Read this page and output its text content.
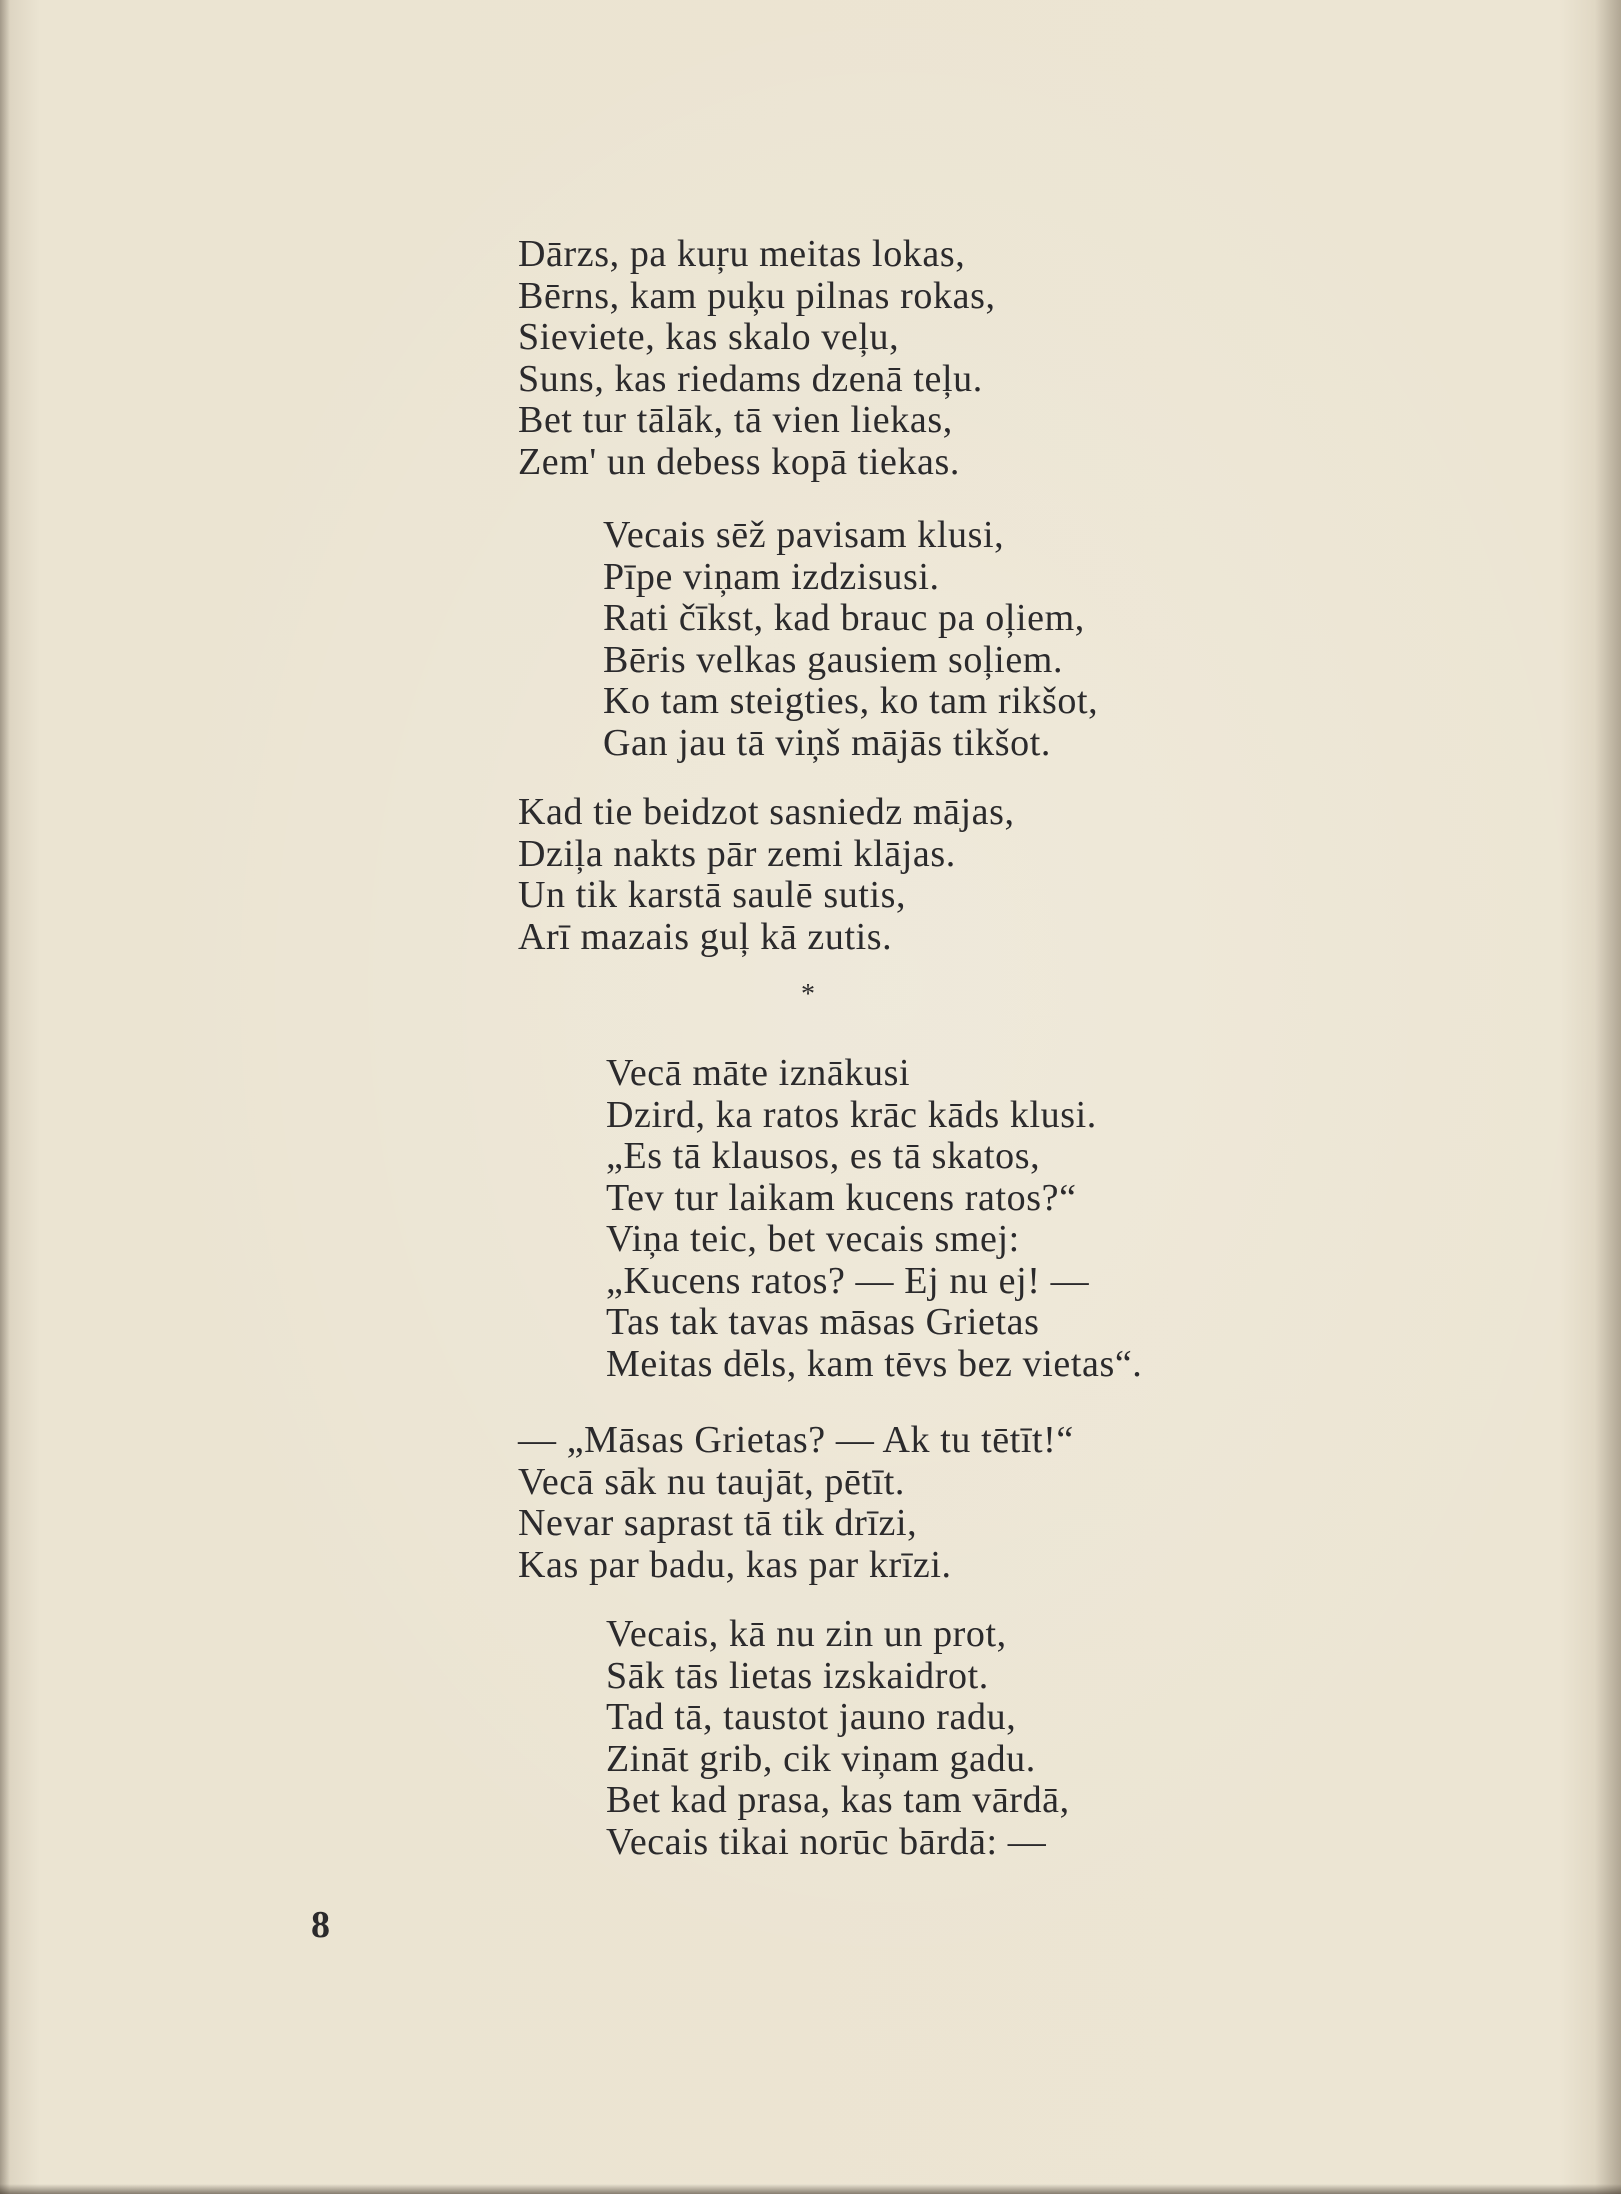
Dārzs, pa kuŗu meitas lokas,
Bērns, kam puķu pilnas rokas,
Sieviete, kas skalo veļu,
Suns, kas riedams dzenā teļu.
Bet tur tālāk, tā vien liekas,
Zem' un debess kopā tiekas.
Vecais sēž pavisam klusi,
Pīpe viņam izdzisusi.
Rati čīkst, kad brauc pa oļiem,
Bēris velkas gausiem soļiem.
Ko tam steigties, ko tam rikšot,
Gan jau tā viņš mājās tikšot.
Kad tie beidzot sasniedz mājas,
Dziļa nakts pār zemi klājas.
Un tik karstā saulē sutis,
Arī mazais guļ kā zutis.
*
Vecā māte iznākusi
Dzird, ka ratos krāc kāds klusi.
„Es tā klausos, es tā skatos,
Tev tur laikam kucens ratos?“
Viņa teic, bet vecais smej:
„Kucens ratos? — Ej nu ej! —
Tas tak tavas māsas Grietas
Meitas dēls, kam tēvs bez vietas“.
— „Māsas Grietas? — Ak tu tētīt!“
Vecā sāk nu taujāt, pētīt.
Nevar saprast tā tik drīzi,
Kas par badu, kas par krīzi.
Vecais, kā nu zin un prot,
Sāk tās lietas izskaidrot.
Tad tā, taustot jauno radu,
Zināt grib, cik viņam gadu.
Bet kad prasa, kas tam vārdā,
Vecais tikai norūc bārdā: —
8
